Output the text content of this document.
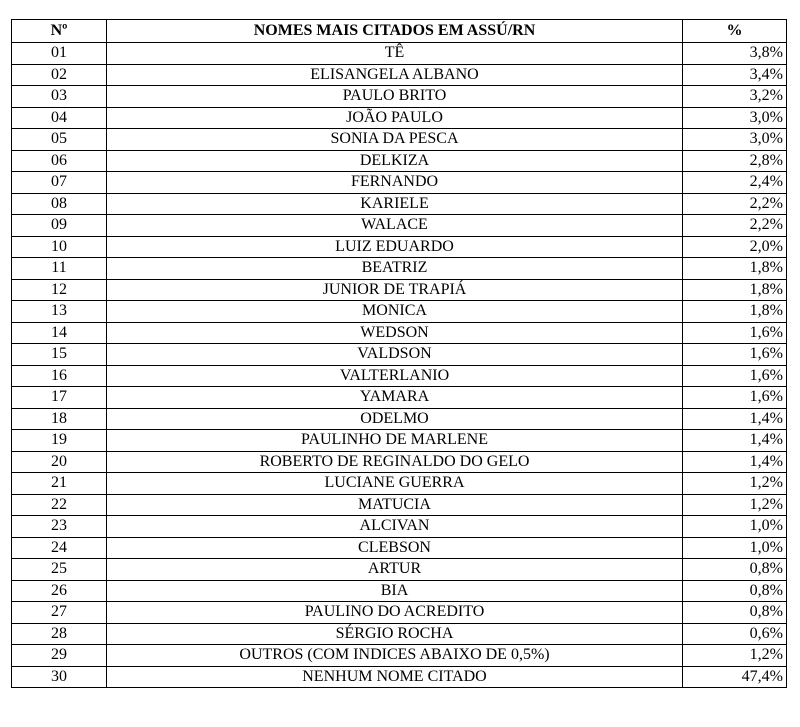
Nº	NOMES MAIS CITADOS EM ASSÚ/RN	%
01	TÊ	3,8%
02	ELISANGELA ALBANO	3,4%
03	PAULO BRITO	3,2%
04	JOÃO PAULO	3,0%
05	SONIA DA PESCA	3,0%
06	DELKIZA	2,8%
07	FERNANDO	2,4%
08	KARIELE	2,2%
09	WALACE	2,2%
10	LUIZ EDUARDO	2,0%
11	BEATRIZ	1,8%
12	JUNIOR DE TRAPIÁ	1,8%
13	MONICA	1,8%
14	WEDSON	1,6%
15	VALDSON	1,6%
16	VALTERLANIO	1,6%
17	YAMARA	1,6%
18	ODELMO	1,4%
19	PAULINHO DE MARLENE	1,4%
20	ROBERTO DE REGINALDO DO GELO	1,4%
21	LUCIANE GUERRA	1,2%
22	MATUCIA	1,2%
23	ALCIVAN	1,0%
24	CLEBSON	1,0%
25	ARTUR	0,8%
26	BIA	0,8%
27	PAULINO DO ACREDITO	0,8%
28	SÉRGIO ROCHA	0,6%
29	OUTROS (COM INDICES ABAIXO DE 0,5%)	1,2%
30	NENHUM NOME CITADO	47,4%
